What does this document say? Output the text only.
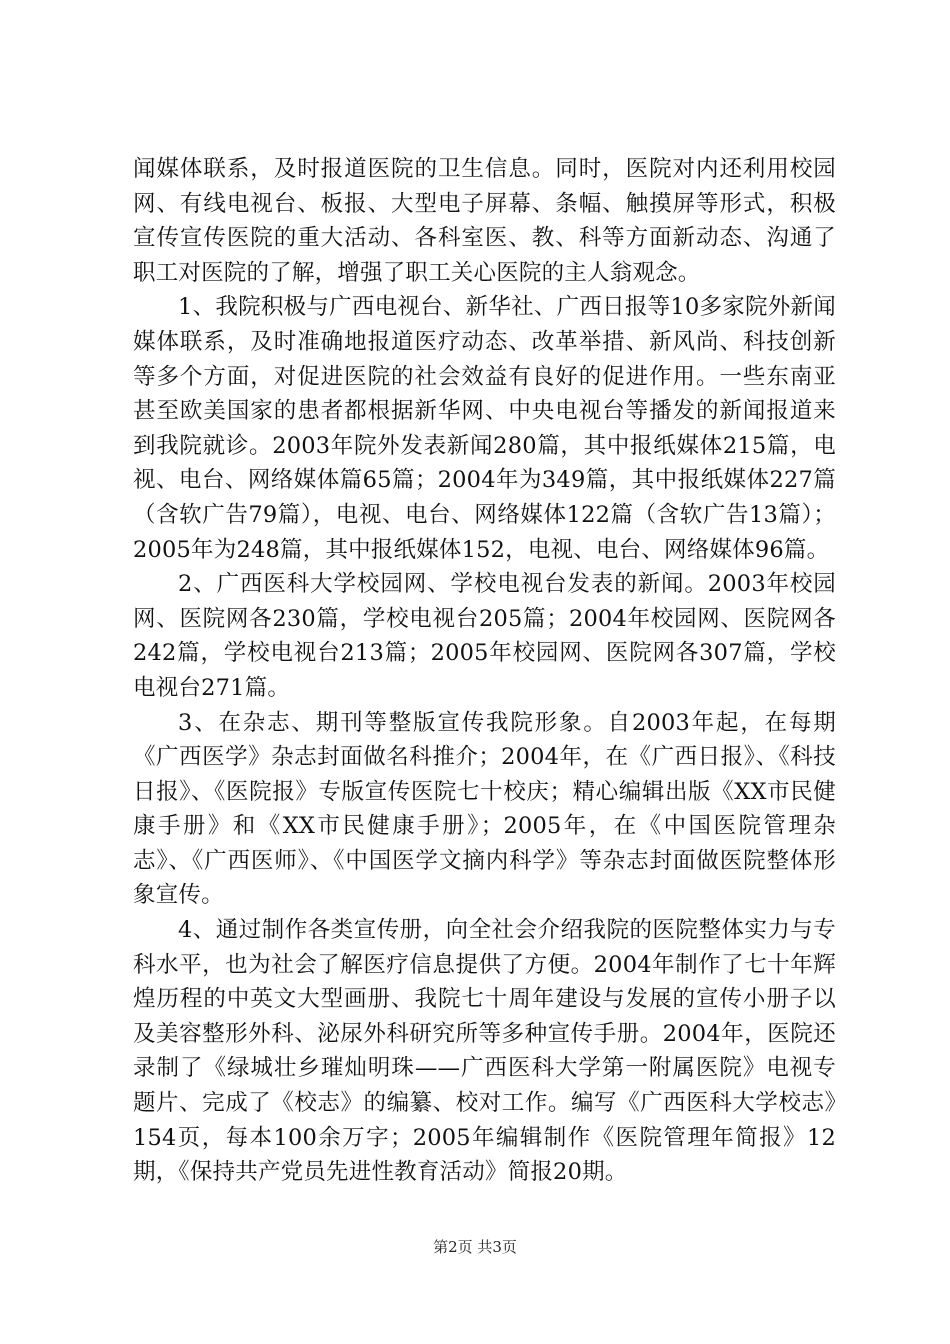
闻媒体联系，及时报道医院的卫生信息。同时，医院对内还利用校园网、有线电视台、板报、大型电子屏幕、条幅、触摸屏等形式，积极宣传宣传医院的重大活动、各科室医、教、科等方面新动态、沟通了职工对医院的了解，增强了职工关心医院的主人翁观念。

1、我院积极与广西电视台、新华社、广西日报等10多家院外新闻媒体联系，及时准确地报道医疗动态、改革举措、新风尚、科技创新等多个方面，对促进医院的社会效益有良好的促进作用。一些东南亚甚至欧美国家的患者都根据新华网、中央电视台等播发的新闻报道来到我院就诊。2003年院外发表新闻280篇，其中报纸媒体215篇，电视、电台、网络媒体篇65篇；2004年为349篇，其中报纸媒体227篇（含软广告79篇），电视、电台、网络媒体122篇（含软广告13篇）；2005年为248篇，其中报纸媒体152，电视、电台、网络媒体96篇。

2、广西医科大学校园网、学校电视台发表的新闻。2003年校园网、医院网各230篇，学校电视台205篇；2004年校园网、医院网各242篇，学校电视台213篇；2005年校园网、医院网各307篇，学校电视台271篇。

3、在杂志、期刊等整版宣传我院形象。自2003年起，在每期《广西医学》杂志封面做名科推介；2004年，在《广西日报》、《科技日报》、《医院报》专版宣传医院七十校庆；精心编辑出版《XX市民健康手册》和《XX市民健康手册》；2005年，在《中国医院管理杂志》、《广西医师》、《中国医学文摘内科学》等杂志封面做医院整体形象宣传。

4、通过制作各类宣传册，向全社会介绍我院的医院整体实力与专科水平，也为社会了解医疗信息提供了方便。2004年制作了七十年辉煌历程的中英文大型画册、我院七十周年建设与发展的宣传小册子以及美容整形外科、泌尿外科研究所等多种宣传手册。2004年，医院还录制了《绿城壮乡璀灿明珠——广西医科大学第一附属医院》电视专题片、完成了《校志》的编纂、校对工作。编写《广西医科大学校志》154页，每本100余万字；2005年编辑制作《医院管理年简报》12期，《保持共产党员先进性教育活动》简报20期。

第2页 共3页
